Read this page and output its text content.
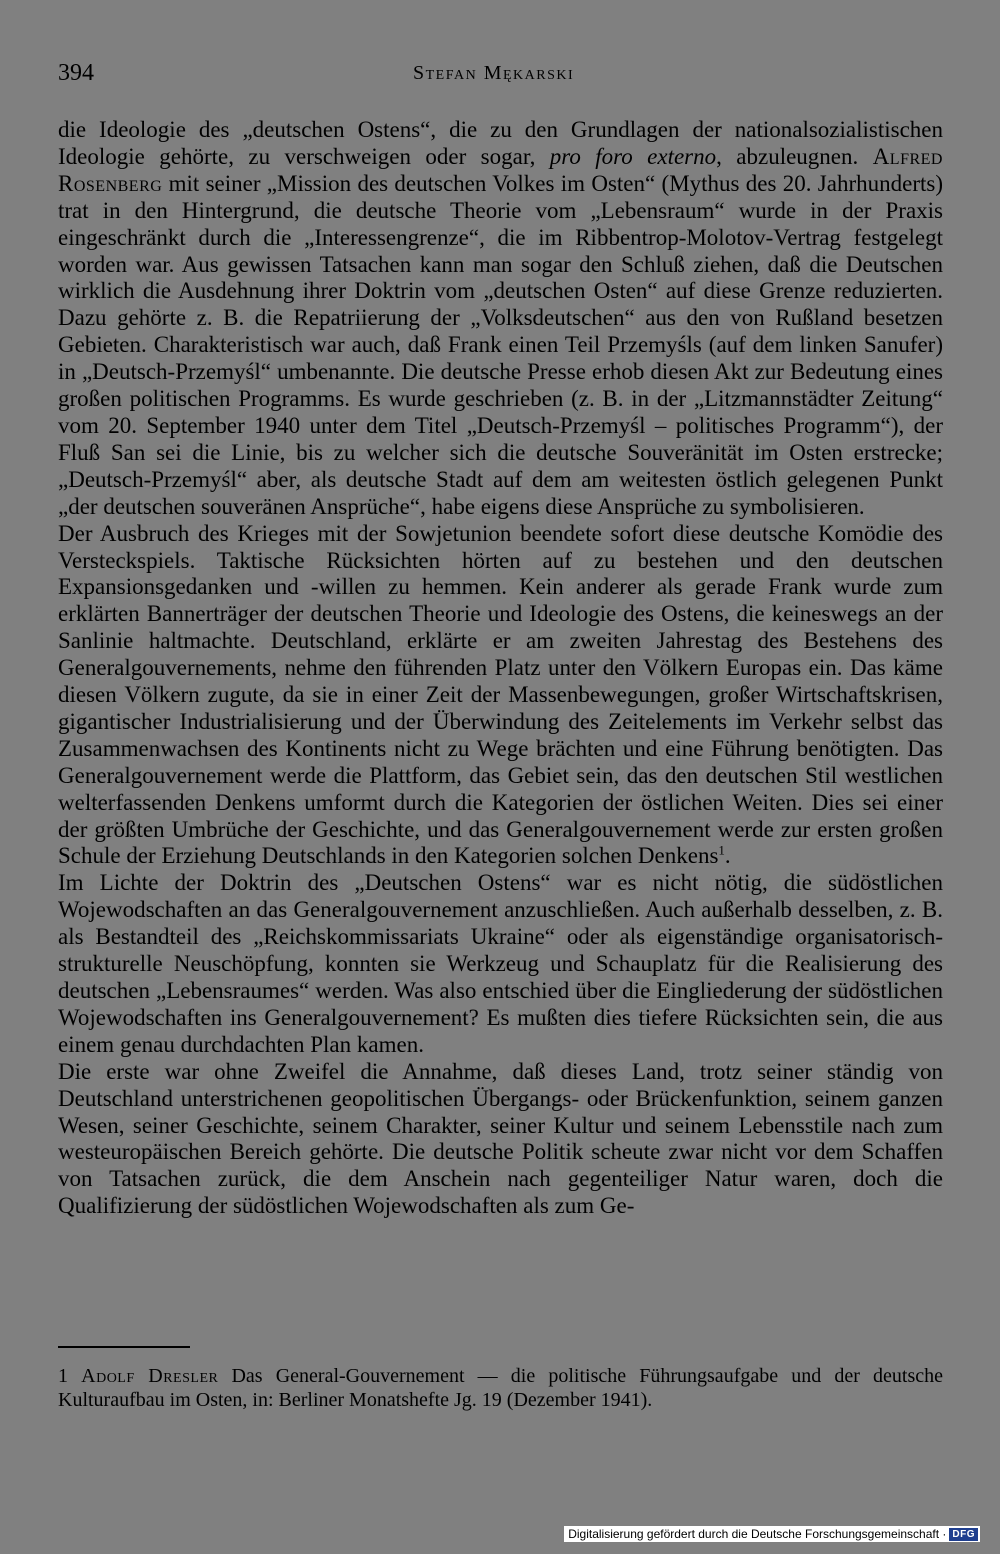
394	Stefan Mękarski

die Ideologie des „deutschen Ostens“, die zu den Grundlagen der nationalsozialistischen Ideologie gehörte, zu verschweigen oder sogar, pro foro externo, abzuleugnen. Alfred Rosenberg mit seiner „Mission des deutschen Volkes im Osten“ (Mythus des 20. Jahrhunderts) trat in den Hintergrund, die deutsche Theorie vom „Lebensraum“ wurde in der Praxis eingeschränkt durch die „Interessengrenze“, die im Ribbentrop-Molotov-Vertrag festgelegt worden war. Aus gewissen Tatsachen kann man sogar den Schluß ziehen, daß die Deutschen wirklich die Ausdehnung ihrer Doktrin vom „deutschen Osten“ auf diese Grenze reduzierten. Dazu gehörte z. B. die Repatriierung der „Volksdeutschen“ aus den von Rußland besetzen Gebieten. Charakteristisch war auch, daß Frank einen Teil Przemyśls (auf dem linken Sanufer) in „Deutsch-Przemyśl“ umbenannte. Die deutsche Presse erhob diesen Akt zur Bedeutung eines großen politischen Programms. Es wurde geschrieben (z. B. in der „Litzmannstädter Zeitung“ vom 20. September 1940 unter dem Titel „Deutsch-Przemyśl – politisches Programm“), der Fluß San sei die Linie, bis zu welcher sich die deutsche Souveränität im Osten erstrecke; „Deutsch-Przemyśl“ aber, als deutsche Stadt auf dem am weitesten östlich gelegenen Punkt „der deutschen souveränen Ansprüche“, habe eigens diese Ansprüche zu symbolisieren.

Der Ausbruch des Krieges mit der Sowjetunion beendete sofort diese deutsche Komödie des Versteckspiels. Taktische Rücksichten hörten auf zu bestehen und den deutschen Expansionsgedanken und -willen zu hemmen. Kein anderer als gerade Frank wurde zum erklärten Bannerträger der deutschen Theorie und Ideologie des Ostens, die keineswegs an der Sanlinie haltmachte. Deutschland, erklärte er am zweiten Jahrestag des Bestehens des Generalgouvernements, nehme den führenden Platz unter den Völkern Europas ein. Das käme diesen Völkern zugute, da sie in einer Zeit der Massenbewegungen, großer Wirtschaftskrisen, gigantischer Industrialisierung und der Überwindung des Zeitelements im Verkehr selbst das Zusammenwachsen des Kontinents nicht zu Wege brächten und eine Führung benötigten. Das Generalgouvernement werde die Plattform, das Gebiet sein, das den deutschen Stil westlichen welterfassenden Denkens umformt durch die Kategorien der östlichen Weiten. Dies sei einer der größten Umbrüche der Geschichte, und das Generalgouvernement werde zur ersten großen Schule der Erziehung Deutschlands in den Kategorien solchen Denkens$^1$.

Im Lichte der Doktrin des „Deutschen Ostens“ war es nicht nötig, die südöstlichen Wojewodschaften an das Generalgouvernement anzuschließen. Auch außerhalb desselben, z. B. als Bestandteil des „Reichskommissariats Ukraine“ oder als eigenständige organisatorisch-strukturelle Neuschöpfung, konnten sie Werkzeug und Schauplatz für die Realisierung des deutschen „Lebensraumes“ werden. Was also entschied über die Eingliederung der südöstlichen Wojewodschaften ins Generalgouvernement? Es mußten dies tiefere Rücksichten sein, die aus einem genau durchdachten Plan kamen.

Die erste war ohne Zweifel die Annahme, daß dieses Land, trotz seiner ständig von Deutschland unterstrichenen geopolitischen Übergangs- oder Brückenfunktion, seinem ganzen Wesen, seiner Geschichte, seinem Charakter, seiner Kultur und seinem Lebensstile nach zum westeuropäischen Bereich gehörte. Die deutsche Politik scheute zwar nicht vor dem Schaffen von Tatsachen zurück, die dem Anschein nach gegenteiliger Natur waren, doch die Qualifizierung der südöstlichen Wojewodschaften als zum Ge-

1 Adolf Dresler Das General-Gouvernement — die politische Führungsaufgabe und der deutsche Kulturaufbau im Osten, in: Berliner Monatshefte Jg. 19 (Dezember 1941).
Digitalisierung gefördert durch die Deutsche Forschungsgemeinschaft · DFG
